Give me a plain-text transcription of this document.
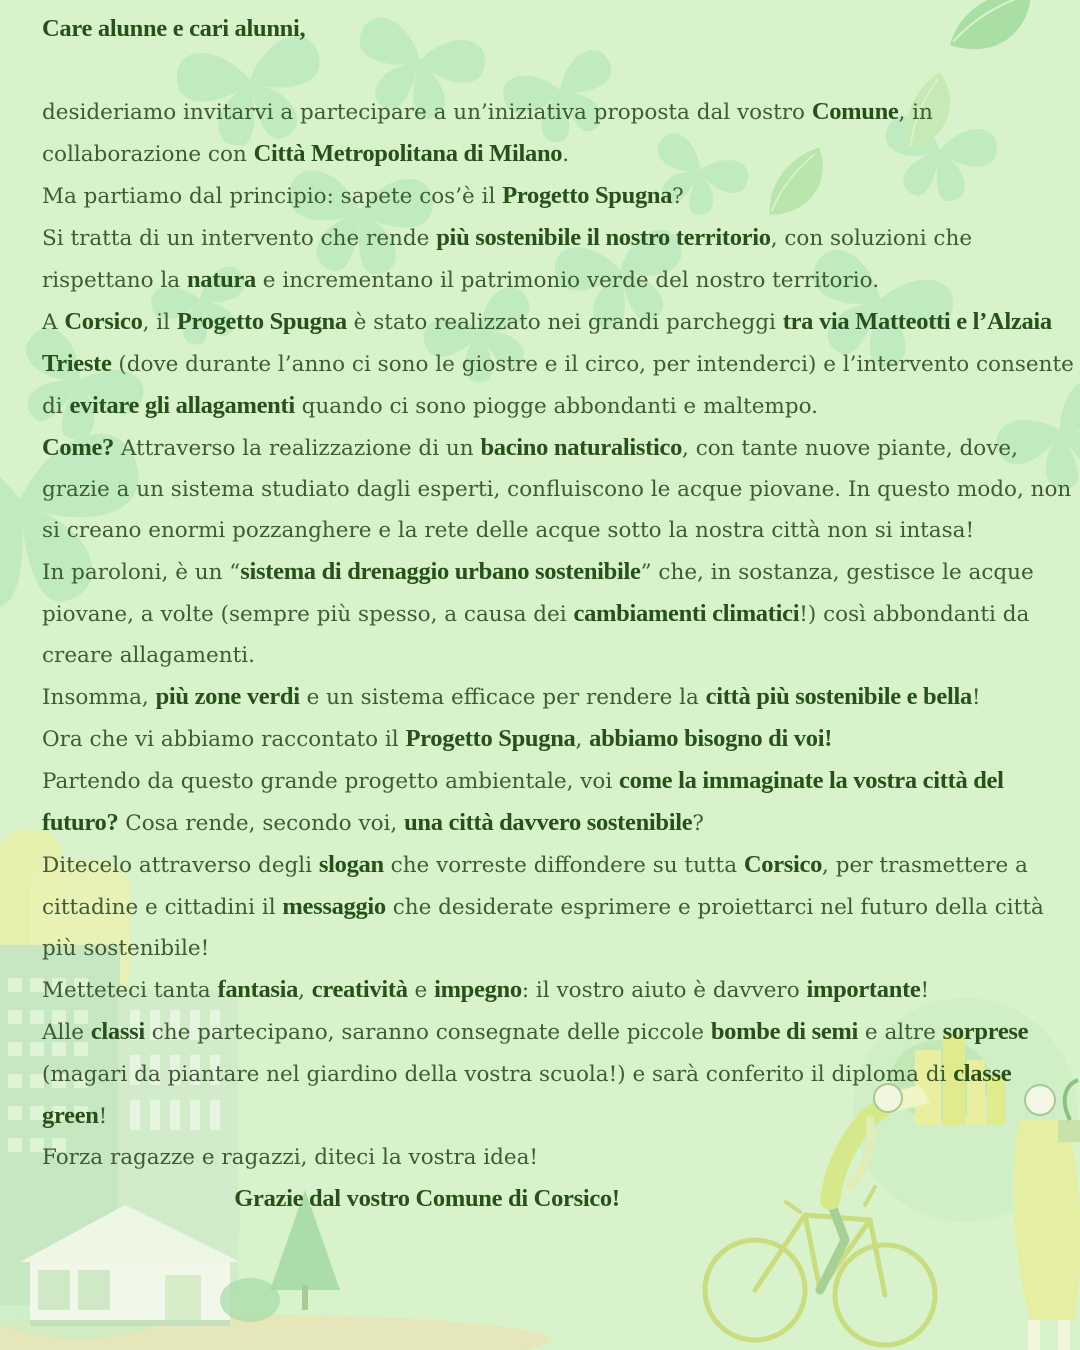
Care alunne e cari alunni,

desideriamo invitarvi a partecipare a un’iniziativa proposta dal vostro Comune, in collaborazione con Città Metropolitana di Milano.

Ma partiamo dal principio: sapete cos’è il Progetto Spugna?

Si tratta di un intervento che rende più sostenibile il nostro territorio, con soluzioni che rispettano la natura e incrementano il patrimonio verde del nostro territorio.

A Corsico, il Progetto Spugna è stato realizzato nei grandi parcheggi tra via Matteotti e l’Alzaia Trieste (dove durante l’anno ci sono le giostre e il circo, per intenderci) e l’intervento consente di evitare gli allagamenti quando ci sono piogge abbondanti e maltempo.

Come? Attraverso la realizzazione di un bacino naturalistico, con tante nuove piante, dove, grazie a un sistema studiato dagli esperti, confluiscono le acque piovane. In questo modo, non si creano enormi pozzanghere e la rete delle acque sotto la nostra città non si intasa!

In paroloni, è un “sistema di drenaggio urbano sostenibile” che, in sostanza, gestisce le acque piovane, a volte (sempre più spesso, a causa dei cambiamenti climatici!) così abbondanti da creare allagamenti.

Insomma, più zone verdi e un sistema efficace per rendere la città più sostenibile e bella!

Ora che vi abbiamo raccontato il Progetto Spugna, abbiamo bisogno di voi!

Partendo da questo grande progetto ambientale, voi come la immaginate la vostra città del futuro? Cosa rende, secondo voi, una città davvero sostenibile?

Ditecelo attraverso degli slogan che vorreste diffondere su tutta Corsico, per trasmettere a cittadine e cittadini il messaggio che desiderate esprimere e proiettarci nel futuro della città più sostenibile!

Metteteci tanta fantasia, creatività e impegno: il vostro aiuto è davvero importante!

Alle classi che partecipano, saranno consegnate delle piccole bombe di semi e altre sorprese (magari da piantare nel giardino della vostra scuola!) e sarà conferito il diploma di classe green!

Forza ragazze e ragazzi, diteci la vostra idea!

Grazie dal vostro Comune di Corsico!
